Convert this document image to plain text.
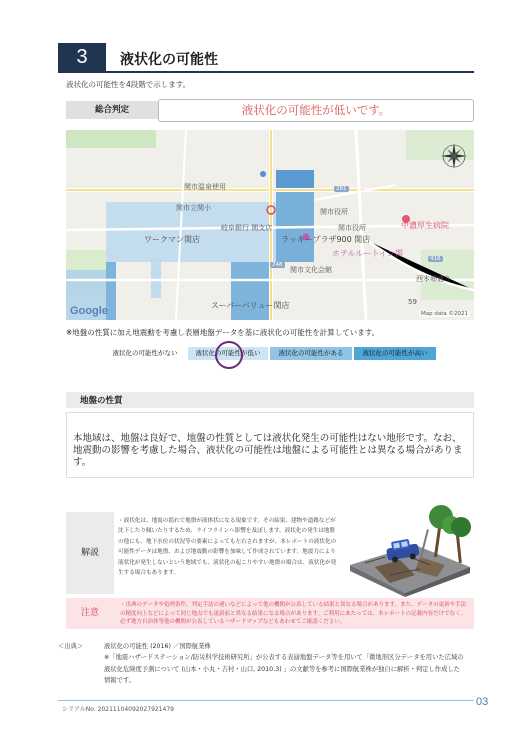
3	液状化の可能性
液状化の可能性を4段階で示します。
総合判定	液状化の可能性が低いです。
関市温泉使用
関市立関小
岐阜銀行 関支店
ワークマン関店	ラッキープラザ900 関店
関市役所
関市役所	中濃厚生病院
ホテルルートイン関
関市文化会館
スーパーバリュー関店
西本郷通り
281
248
418
59
Google	Map data ©2021
※地盤の性質に加え地震動を考慮し表層地盤データを基に液状化の可能性を計算しています。
液状化の可能性がない	液状化の可能性が低い	液状化の可能性がある	液状化の可能性が高い
地盤の性質
本地域は、地盤は良好で、地盤の性質としては液状化発生の可能性はない地形です。なお、地震動の影響を考慮した場合、液状化の可能性は地盤による可能性とは異なる場合があります。
解説
・液状化は、地震の揺れで地盤が液体状になる現象です。その結果、建物や道路などが沈下したり傾いたりするため、ライフラインへ影響を及ぼします。液状化の発生は地盤の他にも、地下水位の状況等の要素によっても左右されますが、本レポートの液状化の可能性データは地盤、および地震動の影響を加味して作成されています。地震力により液状化が発生しないという地域でも、液状化の起こりやすい地盤の場合は、液状化が発生する場合もあります。
注意
・出典のデータや処理条件、判定手法の違いなどによって他の機関が公表している結果と異なる場合があります。また、データの更新や手法の精度向上などによって同じ地点でも更新前と異なる結果になる場合があります。ご利用にあたっては、本レポートの記載内容だけでなく、必ず地方自治体等他の機関が公表しているハザードマップなどもあわせてご確認ください。
＜出典＞	液状化の可能性 (2016) ／国際航業株
※「地震ハザードステーション/防災科学技術研究所」が公表する表層地盤データ等を用いて「微地形区分データを用いた広域の液状化危険度予測について (山本・小丸・吉村・山口, 2010.3) 」の文献等を参考に国際航業株が独自に解析・判定し作成した情報です。
シリアルNo. 20211104092027921479
03
